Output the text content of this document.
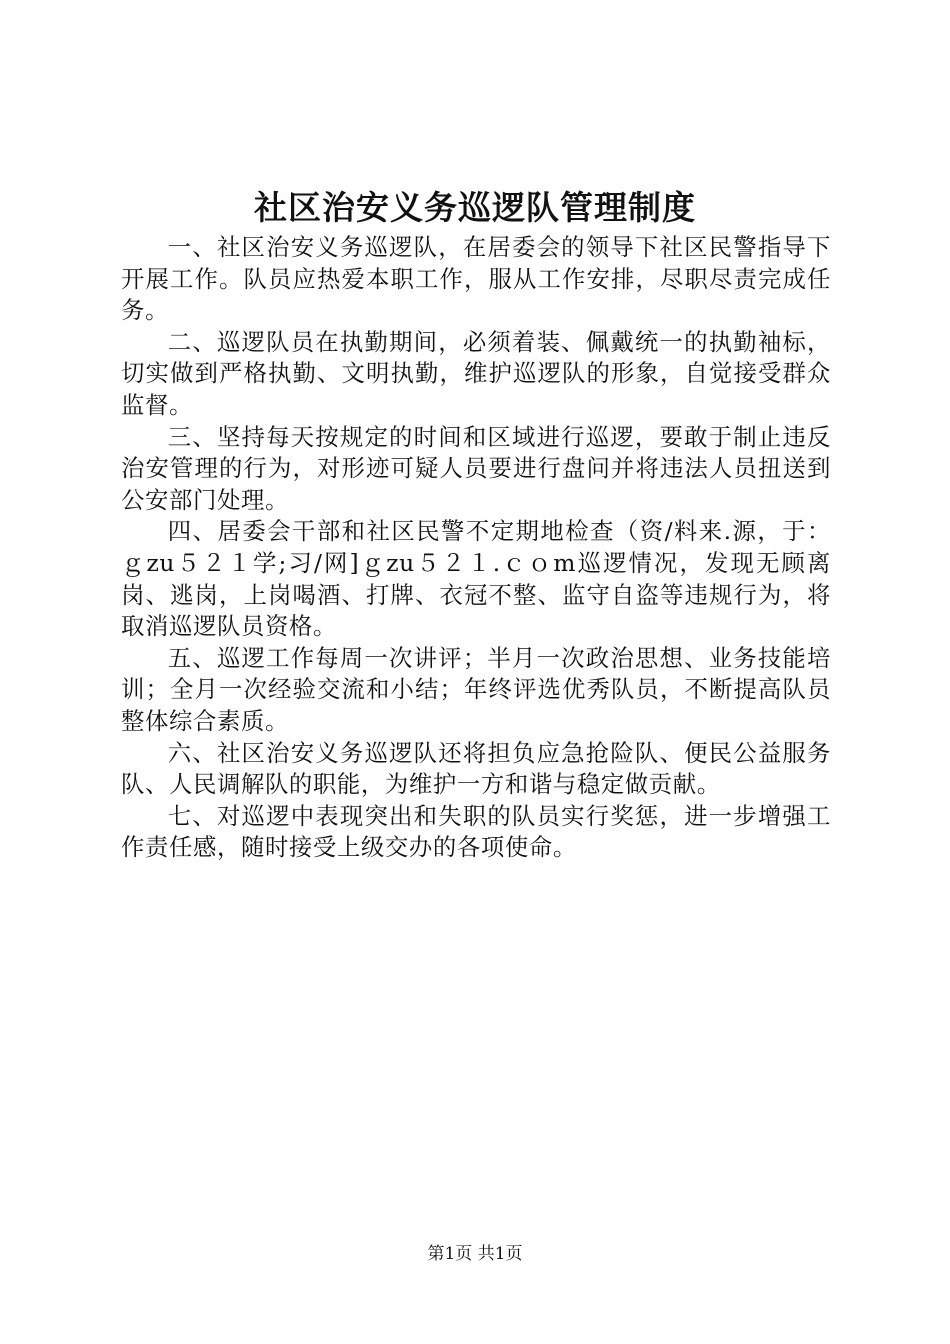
社区治安义务巡逻队管理制度

一、社区治安义务巡逻队，在居委会的领导下社区民警指导下开展工作。队员应热爱本职工作，服从工作安排，尽职尽责完成任务。

二、巡逻队员在执勤期间，必须着装、佩戴统一的执勤袖标，切实做到严格执勤、文明执勤，维护巡逻队的形象，自觉接受群众监督。

三、坚持每天按规定的时间和区域进行巡逻，要敢于制止违反治安管理的行为，对形迹可疑人员要进行盘问并将违法人员扭送到公安部门处理。

四、居委会干部和社区民警不定期地检查（资/料来.源，于：ｇzu５２１学;习/网]ｇzu５２１.ｃｏm巡逻情况，发现无顾离岗、逃岗，上岗喝酒、打牌、衣冠不整、监守自盗等违规行为，将取消巡逻队员资格。

五、巡逻工作每周一次讲评；半月一次政治思想、业务技能培训；全月一次经验交流和小结；年终评选优秀队员，不断提高队员整体综合素质。

六、社区治安义务巡逻队还将担负应急抢险队、便民公益服务队、人民调解队的职能，为维护一方和谐与稳定做贡献。

七、对巡逻中表现突出和失职的队员实行奖惩，进一步增强工作责任感，随时接受上级交办的各项使命。

第1页 共1页
